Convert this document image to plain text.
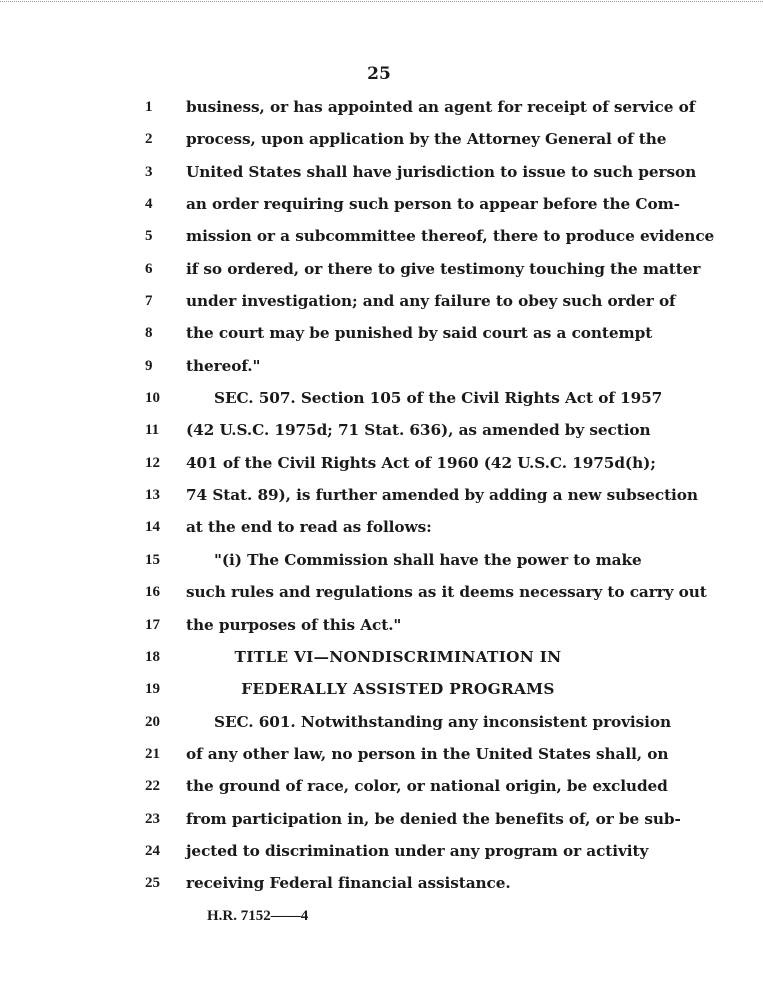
25
1	business, or has appointed an agent for receipt of service of
2	process, upon application by the Attorney General of the
3	United States shall have jurisdiction to issue to such person
4	an order requiring such person to appear before the Com-
5	mission or a subcommittee thereof, there to produce evidence
6	if so ordered, or there to give testimony touching the matter
7	under investigation; and any failure to obey such order of
8	the court may be punished by said court as a contempt
9	thereof."
10	SEC. 507. Section 105 of the Civil Rights Act of 1957
11	(42 U.S.C. 1975d; 71 Stat. 636), as amended by section
12	401 of the Civil Rights Act of 1960 (42 U.S.C. 1975d(h);
13	74 Stat. 89), is further amended by adding a new subsection
14	at the end to read as follows:
15	"(i) The Commission shall have the power to make
16	such rules and regulations as it deems necessary to carry out
17	the purposes of this Act."
18	TITLE VI—NONDISCRIMINATION IN
19	FEDERALLY ASSISTED PROGRAMS
20	SEC. 601. Notwithstanding any inconsistent provision
21	of any other law, no person in the United States shall, on
22	the ground of race, color, or national origin, be excluded
23	from participation in, be denied the benefits of, or be sub-
24	jected to discrimination under any program or activity
25	receiving Federal financial assistance.
H.R. 7152——4
